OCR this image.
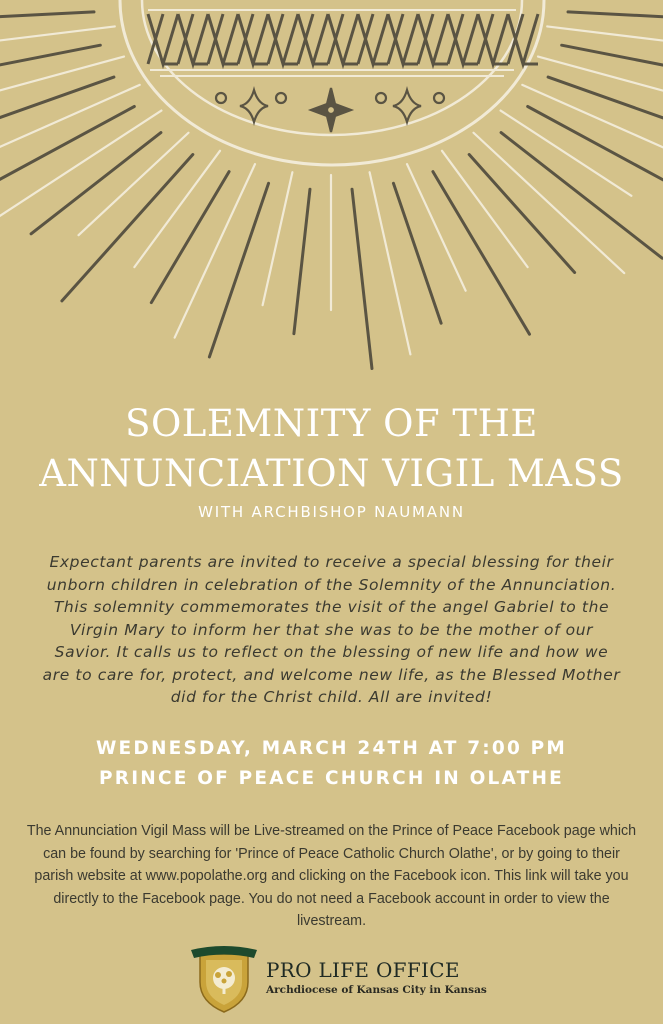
SOLEMNITY OF THE
ANNUNCIATION VIGIL MASS
WITH ARCHBISHOP NAUMANN

Expectant parents are invited to receive a special blessing for their unborn children in celebration of the Solemnity of the Annunciation. This solemnity commemorates the visit of the angel Gabriel to the Virgin Mary to inform her that she was to be the mother of our Savior. It calls us to reflect on the blessing of new life and how we are to care for, protect, and welcome new life, as the Blessed Mother did for the Christ child. All are invited!

WEDNESDAY, MARCH 24TH AT 7:00 PM
PRINCE OF PEACE CHURCH IN OLATHE

The Annunciation Vigil Mass will be Live-streamed on the Prince of Peace Facebook page which can be found by searching for 'Prince of Peace Catholic Church Olathe', or by going to their parish website at www.popolathe.org and clicking on the Facebook icon. This link will take you directly to the Facebook page. You do not need a Facebook account in order to view the livestream.

PRO LIFE OFFICE
Archdiocese of Kansas City in Kansas
